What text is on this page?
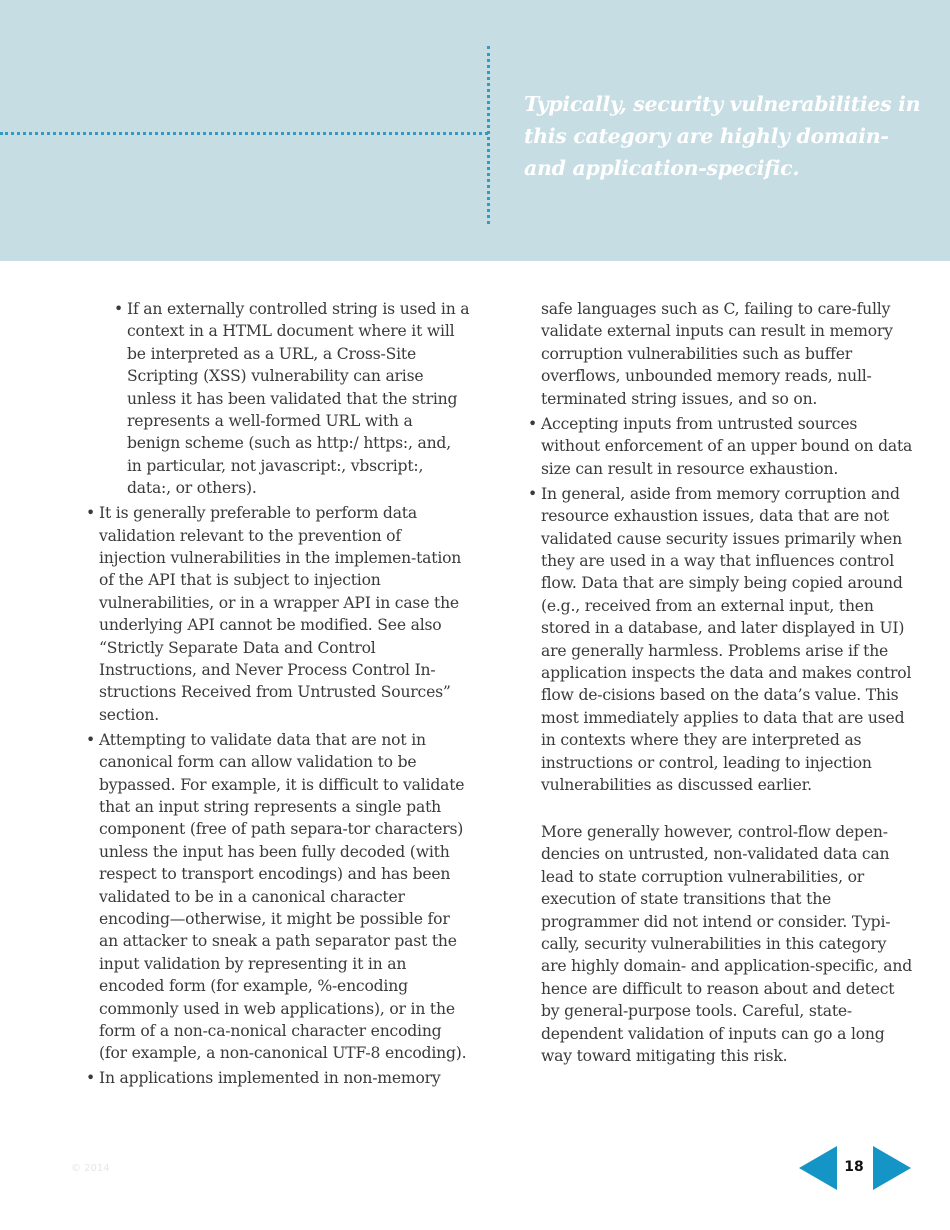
Typically, security vulnerabilities in this category are highly domain- and application-specific.
• If an externally controlled string is used in a context in a HTML document where it will be interpreted as a URL, a Cross-Site Scripting (XSS) vulnerability can arise unless it has been validated that the string represents a well-formed URL with a benign scheme (such as http:/ https:, and, in particular, not javascript:, vbscript:, data:, or others).
• It is generally preferable to perform data validation relevant to the prevention of injection vulnerabilities in the implemen-tation of the API that is subject to injection vulnerabilities, or in a wrapper API in case the underlying API cannot be modified. See also “Strictly Separate Data and Control Instructions, and Never Process Control In-structions Received from Untrusted Sources” section.
• Attempting to validate data that are not in canonical form can allow validation to be bypassed. For example, it is difficult to validate that an input string represents a single path component (free of path separa-tor characters) unless the input has been fully decoded (with respect to transport encodings) and has been validated to be in a canonical character encoding—otherwise, it might be possible for an attacker to sneak a path separator past the input validation by representing it in an encoded form (for example, %-encoding commonly used in web applications), or in the form of a non-ca-nonical character encoding (for example, a non-canonical UTF-8 encoding).
• In applications implemented in non-memory

safe languages such as C, failing to care-fully validate external inputs can result in memory corruption vulnerabilities such as buffer overflows, unbounded memory reads, null-terminated string issues, and so on.

• Accepting inputs from untrusted sources without enforcement of an upper bound on data size can result in resource exhaustion.
• In general, aside from memory corruption and resource exhaustion issues, data that are not validated cause security issues primarily when they are used in a way that influences control flow. Data that are simply being copied around (e.g., received from an external input, then stored in a database, and later displayed in UI) are generally harmless. Problems arise if the application inspects the data and makes control flow de-cisions based on the data’s value. This most immediately applies to data that are used in contexts where they are interpreted as instructions or control, leading to injection vulnerabilities as discussed earlier.

More generally however, control-flow depen-dencies on untrusted, non-validated data can lead to state corruption vulnerabilities, or execution of state transitions that the programmer did not intend or consider. Typi-cally, security vulnerabilities in this category are highly domain- and application-specific, and hence are difficult to reason about and detect by general-purpose tools. Careful, state-dependent validation of inputs can go a long way toward mitigating this risk.

© 2014	18
